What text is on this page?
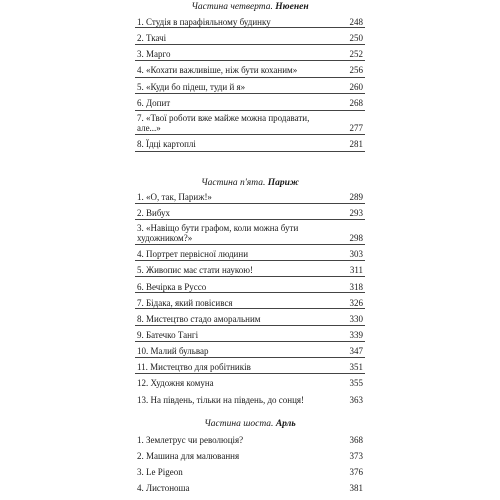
Частина четверта. Нюенен
1. Студія в парафіяльному будинку	248
2. Ткачі	250
3. Марго	252
4. «Кохати важливіше, ніж бути коханим»	256
5. «Куди бо підеш, туди й я»	260
6. Допит	268
7. «Твої роботи вже майже можна продавати, але...»	277
8. Їдці картоплі	281
Частина п'ята. Париж
1. «О, так, Париж!»	289
2. Вибух	293
3. «Навіщо бути графом, коли можна бути художником?»	298
4. Портрет первісної людини	303
5. Живопис має стати наукою!	311
6. Вечірка в Руссо	318
7. Бідака, який повісився	326
8. Мистецтво стадо аморальним	330
9. Батечко Тангі	339
10. Малий бульвар	347
11. Мистецтво для робітників	351
12. Художня комуна	355
13. На південь, тільки на південь, до сонця!	363
Частина шоста. Арль
1. Землетрус чи революція?	368
2. Машина для малювання	373
3. Le Pigeon	376
4. Листоноша	381
